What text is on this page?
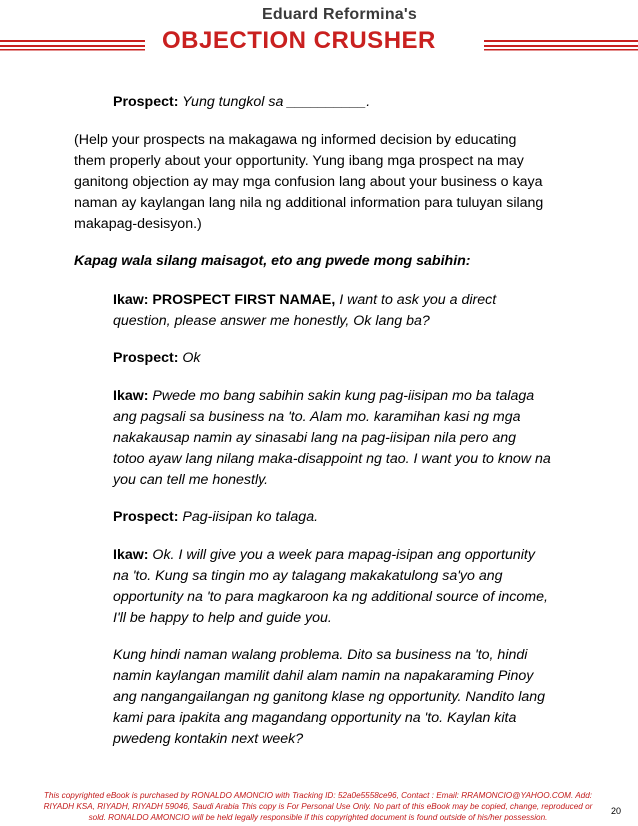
Eduard Reformina's
OBJECTION CRUSHER
Prospect: Yung tungkol sa __________.
(Help your prospects na makagawa ng informed decision by educating
them properly about your opportunity. Yung ibang mga prospect na may
ganitong objection ay may mga confusion lang about your business o kaya
naman ay kaylangan lang nila ng additional information para tuluyan silang
makapag-desisyon.)
Kapag wala silang maisagot, eto ang pwede mong sabihin:
Ikaw: PROSPECT FIRST NAMAE, I want to ask you a direct
question, please answer me honestly, Ok lang ba?
Prospect: Ok
Ikaw: Pwede mo bang sabihin sakin kung pag-iisipan mo ba talaga
ang pagsali sa business na 'to. Alam mo. karamihan kasi ng mga
nakakausap namin ay sinasabi lang na pag-iisipan nila pero ang
totoo ayaw lang nilang maka-disappoint ng tao. I want you to know na
you can tell me honestly.
Prospect: Pag-iisipan ko talaga.
Ikaw: Ok. I will give you a week para mapag-isipan ang opportunity
na 'to. Kung sa tingin mo ay talagang makakatulong sa'yo ang
opportunity na 'to para magkaroon ka ng additional source of income,
I'll be happy to help and guide you.
Kung hindi naman walang problema. Dito sa business na 'to, hindi
namin kaylangan mamilit dahil alam namin na napakaraming Pinoy
ang nangangailangan ng ganitong klase ng opportunity. Nandito lang
kami para ipakita ang magandang opportunity na 'to. Kaylan kita
pwedeng kontakin next week?
This copyrighted eBook is purchased by RONALDO AMONCIO with Tracking ID: 52a0e5558ce96, Contact : Email: RRAMONCIO@YAHOO.COM. Add:
RIYADH KSA, RIYADH, RIYADH 59046, Saudi Arabia This copy is For Personal Use Only. No part of this eBook may be copied, change, reproduced or
sold. RONALDO AMONCIO will be held legally responsible if this copyrighted document is found outside of his/her possession.
20
